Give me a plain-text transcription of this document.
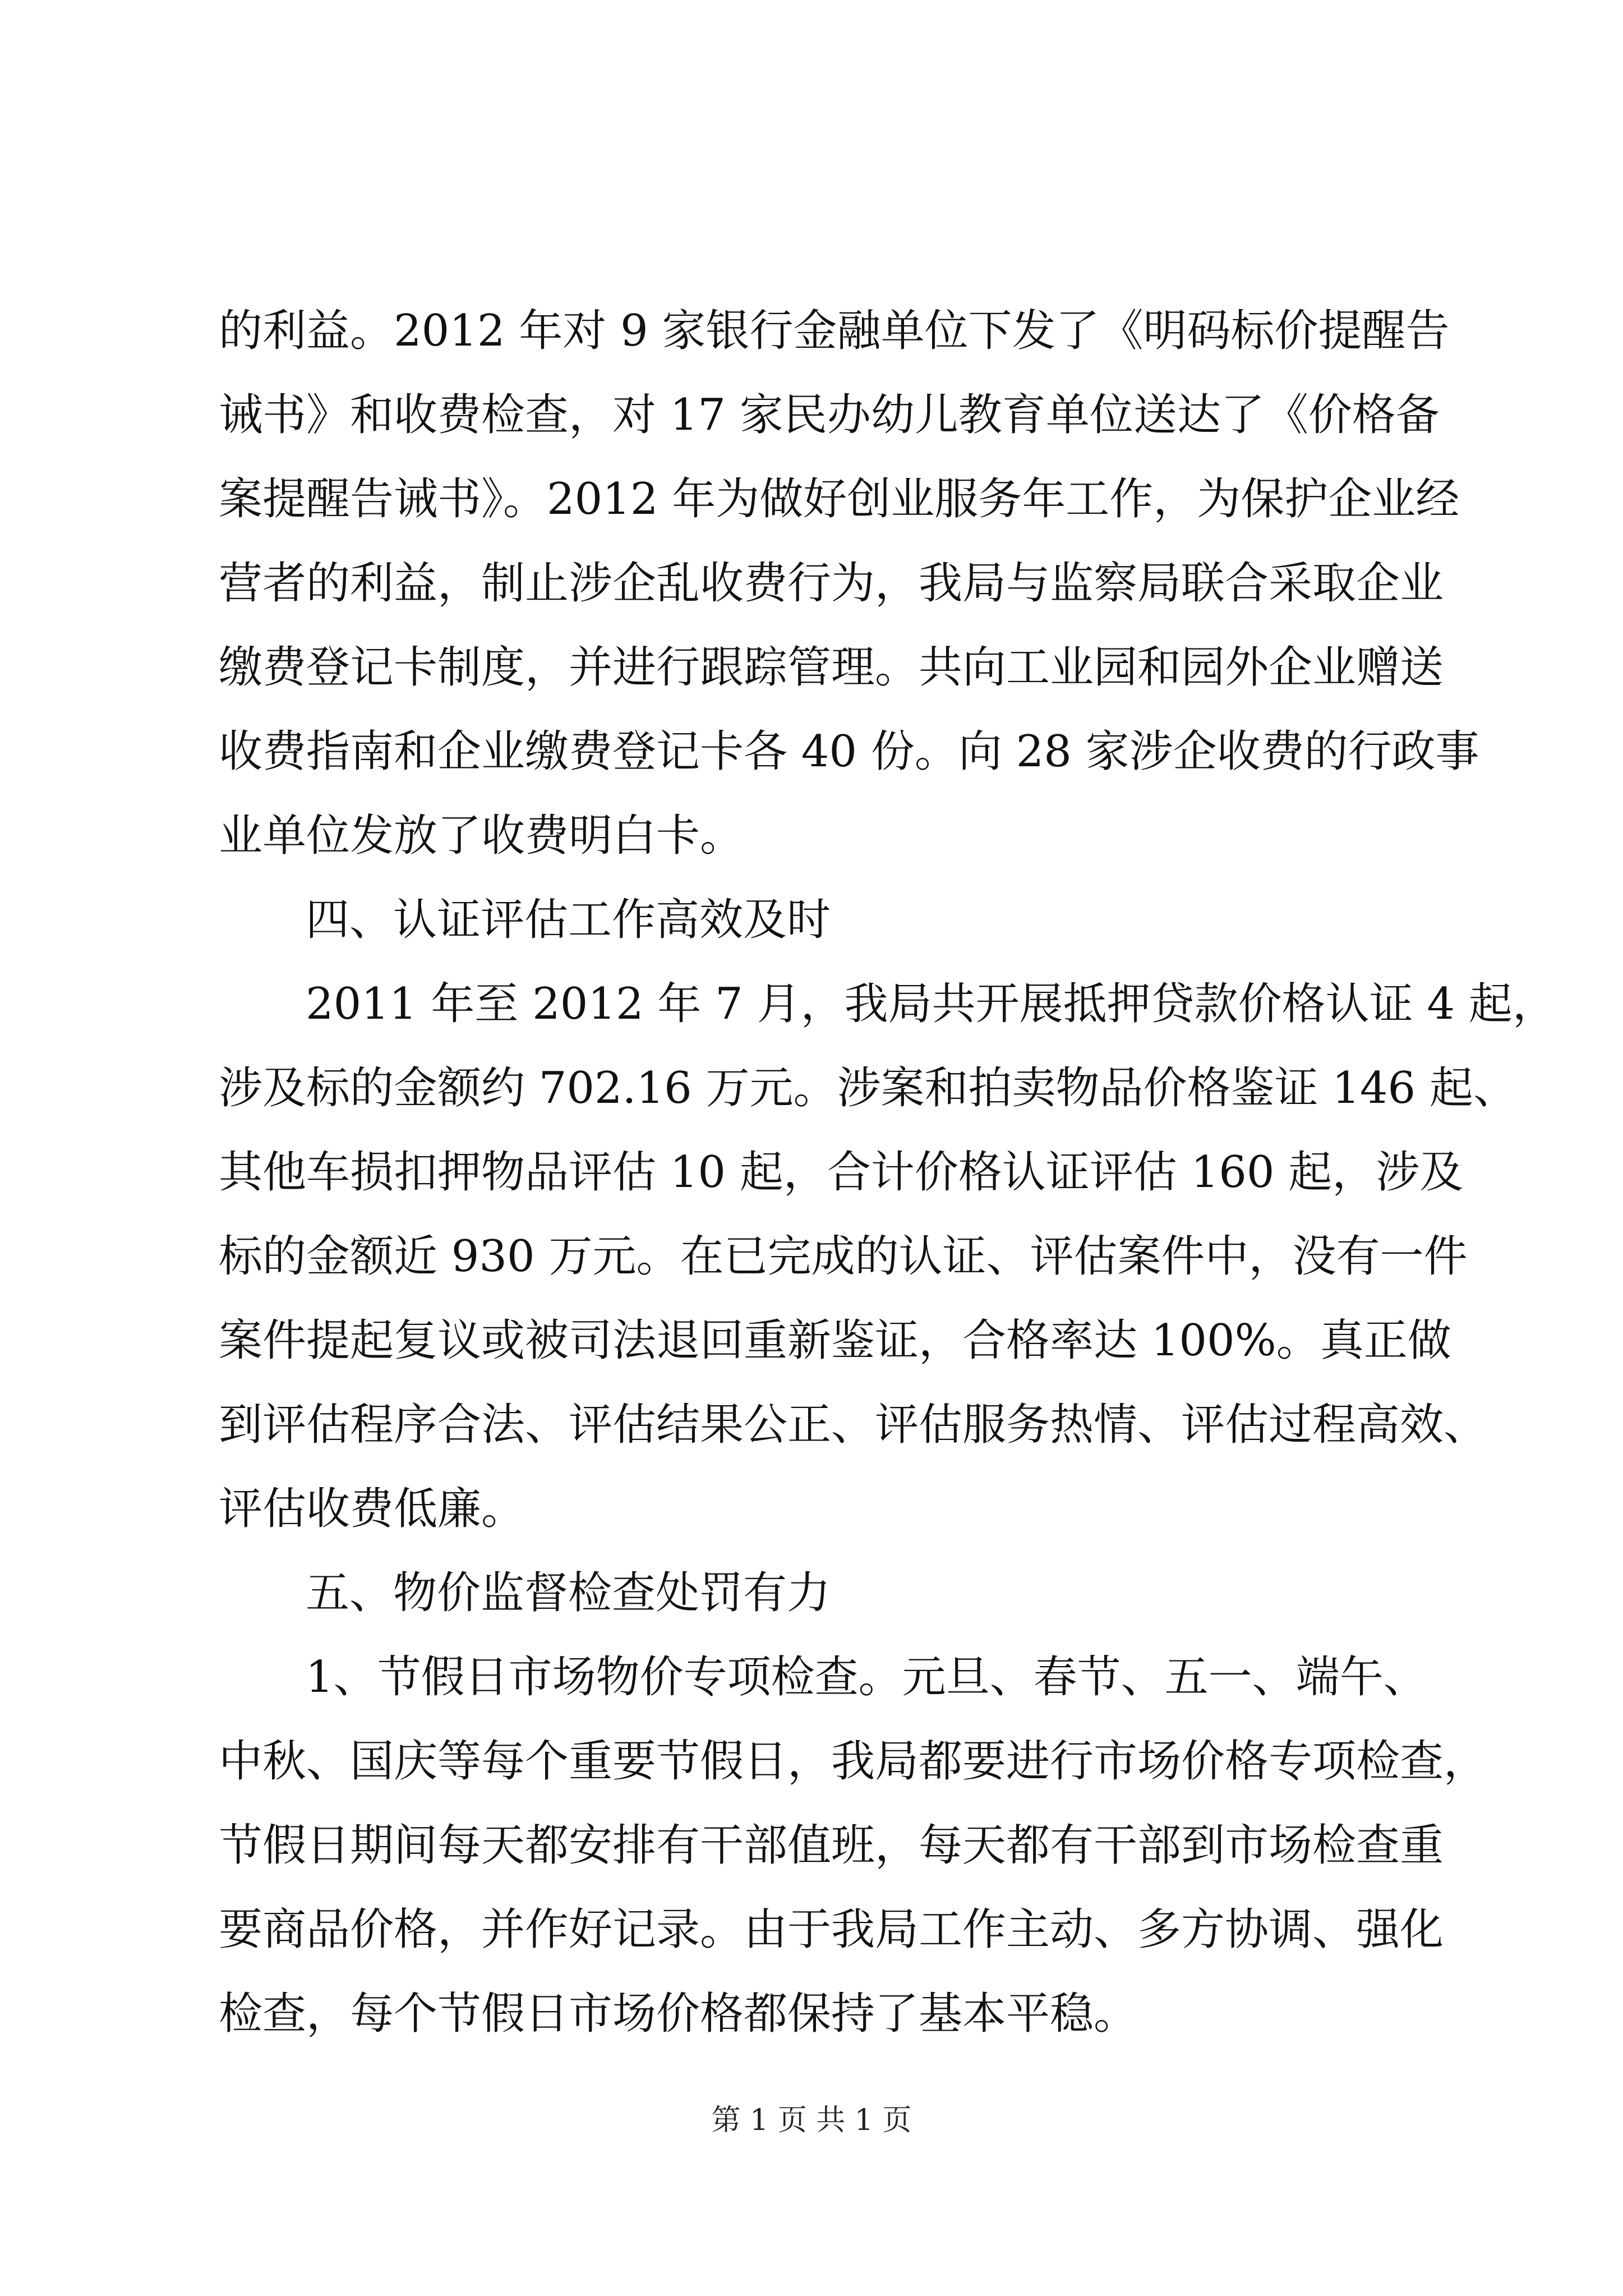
的利益。2012 年对 9 家银行金融单位下发了《明码标价提醒告
诫书》和收费检查，对 17 家民办幼儿教育单位送达了《价格备
案提醒告诫书》。2012 年为做好创业服务年工作，为保护企业经
营者的利益，制止涉企乱收费行为，我局与监察局联合采取企业
缴费登记卡制度，并进行跟踪管理。共向工业园和园外企业赠送
收费指南和企业缴费登记卡各 40 份。向 28 家涉企收费的行政事
业单位发放了收费明白卡。
四、认证评估工作高效及时
2011 年至 2012 年 7 月，我局共开展抵押贷款价格认证 4 起，
涉及标的金额约 702.16 万元。涉案和拍卖物品价格鉴证 146 起、
其他车损扣押物品评估 10 起，合计价格认证评估 160 起，涉及
标的金额近 930 万元。在已完成的认证、评估案件中，没有一件
案件提起复议或被司法退回重新鉴证，合格率达 100%。真正做
到评估程序合法、评估结果公正、评估服务热情、评估过程高效、
评估收费低廉。
五、物价监督检查处罚有力
1、节假日市场物价专项检查。元旦、春节、五一、端午、
中秋、国庆等每个重要节假日，我局都要进行市场价格专项检查，
节假日期间每天都安排有干部值班，每天都有干部到市场检查重
要商品价格，并作好记录。由于我局工作主动、多方协调、强化
检查，每个节假日市场价格都保持了基本平稳。
第 1 页 共 1 页
